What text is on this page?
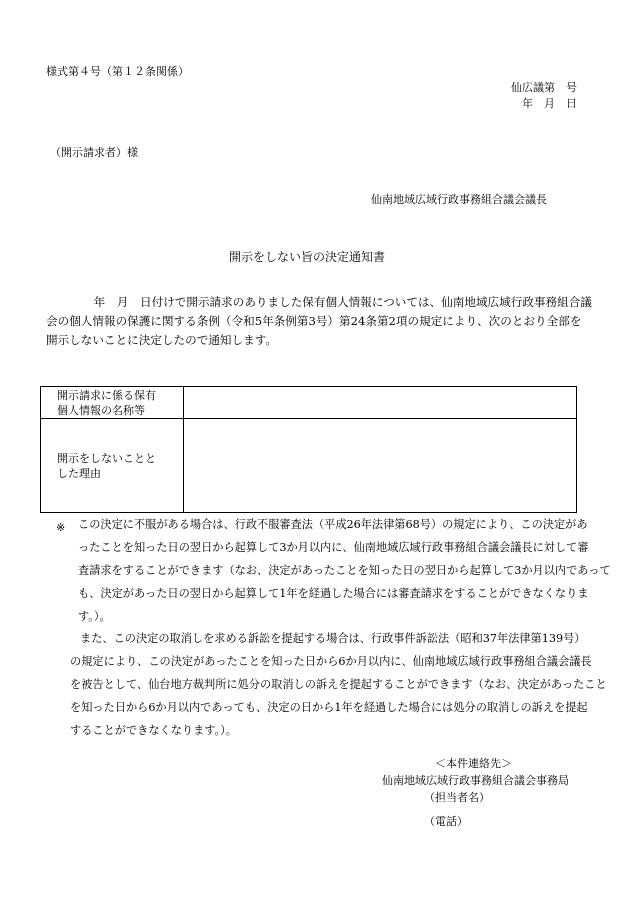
様式第４号（第１２条関係）
仙広議第　号
年　月　日
（開示請求者）様
仙南地域広域行政事務組合議会議長
開示をしない旨の決定通知書
　年　月　日付けで開示請求のありました保有個人情報については、仙南地域広域行政事務組合議
会の個人情報の保護に関する条例（令和5年条例第3号）第24条第2項の規定により、次のとおり全部を
開示しないことに決定したので通知します。
開示請求に係る保有
個人情報の名称等	

開示をしないことと
した理由	

※ この決定に不服がある場合は、行政不服審査法（平成26年法律第68号）の規定により、この決定があ
ったことを知った日の翌日から起算して3か月以内に、仙南地域広域行政事務組合議会議長に対して審
査請求をすることができます（なお、決定があったことを知った日の翌日から起算して3か月以内であって
も、決定があった日の翌日から起算して1年を経過した場合には審査請求をすることができなくなりま
す。）。
また、この決定の取消しを求める訴訟を提起する場合は、行政事件訴訟法（昭和37年法律第139号）
の規定により、この決定があったことを知った日から6か月以内に、仙南地域広域行政事務組合議会議長
を被告として、仙台地方裁判所に処分の取消しの訴えを提起することができます（なお、決定があったこと
を知った日から6か月以内であっても、決定の日から1年を経過した場合には処分の取消しの訴えを提起
することができなくなります。）。
＜本件連絡先＞
仙南地域広域行政事務組合議会事務局
（担当者名）
（電話）
